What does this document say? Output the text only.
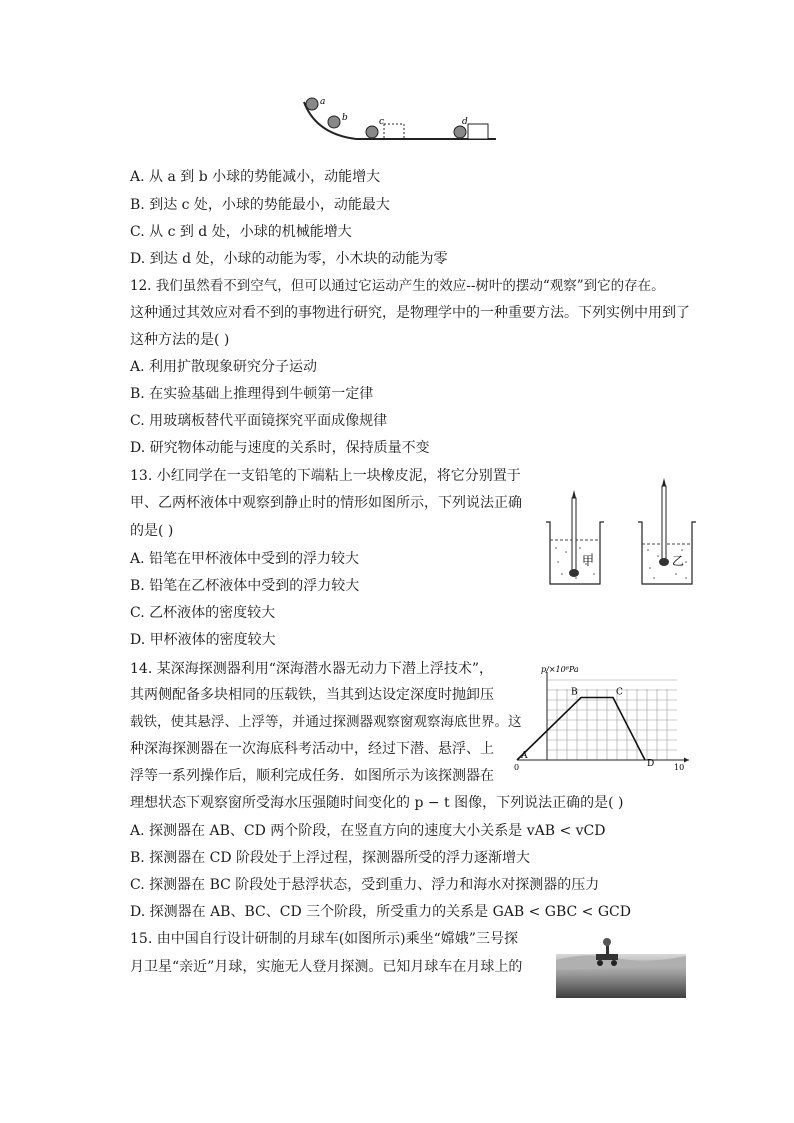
a
b	c	d
A. 从 a 到 b 小球的势能减小，动能增大
B. 到达 c 处，小球的势能最小，动能最大
C. 从 c 到 d 处，小球的机械能增大
D. 到达 d 处，小球的动能为零，小木块的动能为零
12. 我们虽然看不到空气，但可以通过它运动产生的效应--树叶的摆动“观察”到它的存在。
这种通过其效应对看不到的事物进行研究，是物理学中的一种重要方法。下列实例中用到了
这种方法的是( )
A. 利用扩散现象研究分子运动
B. 在实验基础上推理得到牛顿第一定律
C. 用玻璃板替代平面镜探究平面成像规律
D. 研究物体动能与速度的关系时，保持质量不变
13. 小红同学在一支铅笔的下端粘上一块橡皮泥，将它分别置于
甲、乙两杯液体中观察到静止时的情形如图所示，下列说法正确
的是( )
A. 铅笔在甲杯液体中受到的浮力较大
B. 铅笔在乙杯液体中受到的浮力较大
C. 乙杯液体的密度较大
D. 甲杯液体的密度较大
甲	乙
14. 某深海探测器利用“深海潜水器无动力下潜上浮技术”，
其两侧配备多块相同的压载铁，当其到达设定深度时抛卸压
载铁，使其悬浮、上浮等，并通过探测器观察窗观察海底世界。这
种深海探测器在一次海底科考活动中，经过下潜、悬浮、上
浮等一系列操作后，顺利完成任务．如图所示为该探测器在
理想状态下观察窗所受海水压强随时间变化的 p − t 图像，下列说法正确的是( )
A. 探测器在 AB、CD 两个阶段，在竖直方向的速度大小关系是 vAB < vCD
B. 探测器在 CD 阶段处于上浮过程，探测器所受的浮力逐渐增大
C. 探测器在 BC 阶段处于悬浮状态，受到重力、浮力和海水对探测器的压力
D. 探测器在 AB、BC、CD 三个阶段，所受重力的关系是 GAB < GBC < GCD
0	10
A
B	C
D
p/×10⁶Pa
15. 由中国自行设计研制的月球车(如图所示)乘坐“嫦娥”三号探
月卫星“亲近”月球，实施无人登月探测。已知月球车在月球上的
